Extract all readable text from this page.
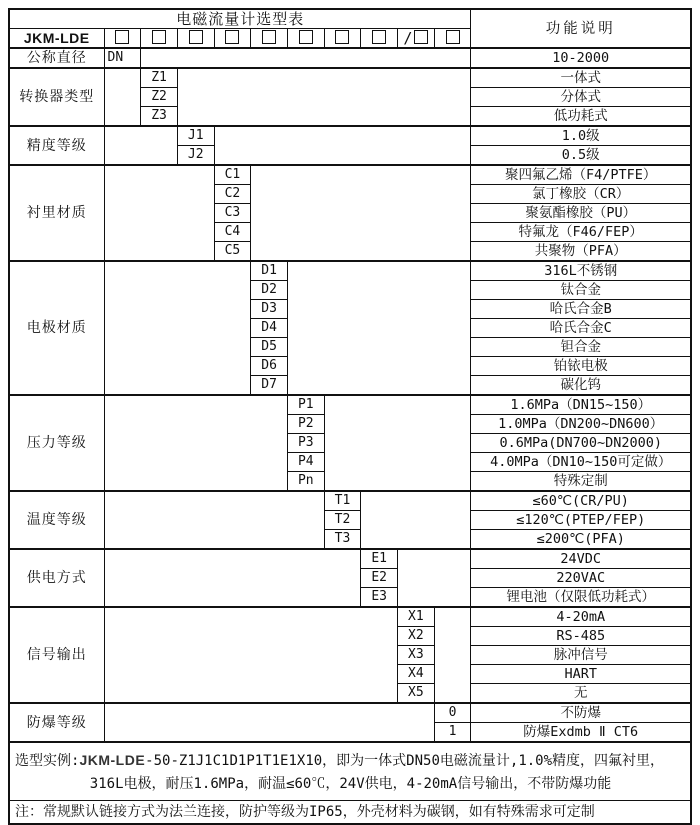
电磁流量计选型表											功能说明
JKM-LDE									/		
公称直径	DN										10-2000
转换器类型		Z1									一体式
		Z2									分体式
		Z3									低功耗式
精度等级			J1								1.0级
			J2								0.5级
衬里材质				C1							聚四氟乙烯（F4/PTFE）
				C2							氯丁橡胶（CR）
				C3							聚氨酯橡胶（PU）
				C4							特氟龙（F46/FEP）
				C5							共聚物（PFA）
电极材质					D1						316L不锈钢
					D2						钛合金
					D3						哈氏合金B
					D4						哈氏合金C
					D5						钽合金
					D6						铂铱电极
					D7						碳化钨
压力等级						P1					1.6MPa（DN15~150）
						P2					1.0MPa（DN200~DN600）
						P3					0.6MPa(DN700~DN2000)
						P4					4.0MPa（DN10~150可定做）
						Pn					特殊定制
温度等级							T1				≤60℃(CR/PU)
							T2				≤120℃(PTEP/FEP)
							T3				≤200℃(PFA)
供电方式								E1			24VDC
								E2			220VAC
								E3			锂电池（仅限低功耗式）
信号输出									X1		4-20mA
									X2		RS-485
									X3		脉冲信号
									X4		HART
									X5		无
防爆等级										0	不防爆
										1	防爆Exdmb Ⅱ CT6

选型实例:JKM-LDE-50-Z1J1C1D1P1T1E1X10，即为一体式DN50电磁流量计,1.0%精度，四氟衬里，
316L电极，耐压1.6MPa，耐温≤60℃，24V供电，4-20mA信号输出，不带防爆功能											

注：常规默认链接方式为法兰连接，防护等级为IP65，外壳材料为碳钢，如有特殊需求可定制											
